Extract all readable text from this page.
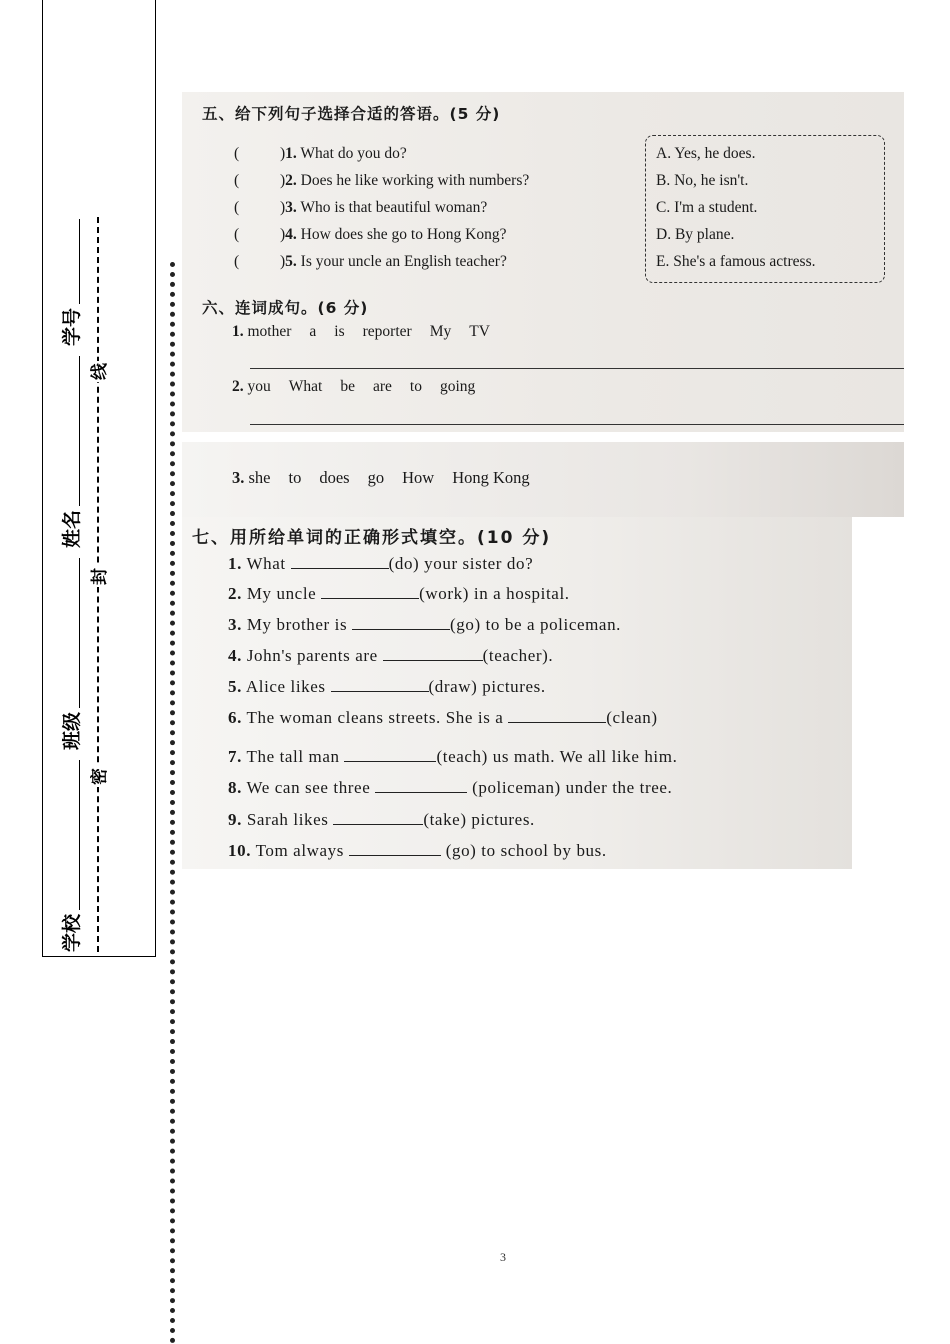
学校
班级
姓名
学号
密
封
线
五、给下列句子选择合适的答语。(5 分)
(	)1. What do you do?
(	)2. Does he like working with numbers?
(	)3. Who is that beautiful woman?
(	)4. How does she go to Hong Kong?
(	)5. Is your uncle an English teacher?
A. Yes, he does.
B. No, he isn't.
C. I'm a student.
D. By plane.
E. She's a famous actress.
六、连词成句。(6 分)
1. mother a is reporter My TV
2. you What be are to going
3. she to does go How Hong Kong
七、用所给单词的正确形式填空。(10 分)
1. What	(do) your sister do?
2. My uncle	(work) in a hospital.
3. My brother is	(go) to be a policeman.
4. John's parents are	(teacher).
5. Alice likes	(draw) pictures.
6. The woman cleans streets. She is a	(clean)
7. The tall man	(teach) us math. We all like him.
8. We can see three	(policeman) under the tree.
9. Sarah likes	(take) pictures.
10. Tom always	(go) to school by bus.
3
